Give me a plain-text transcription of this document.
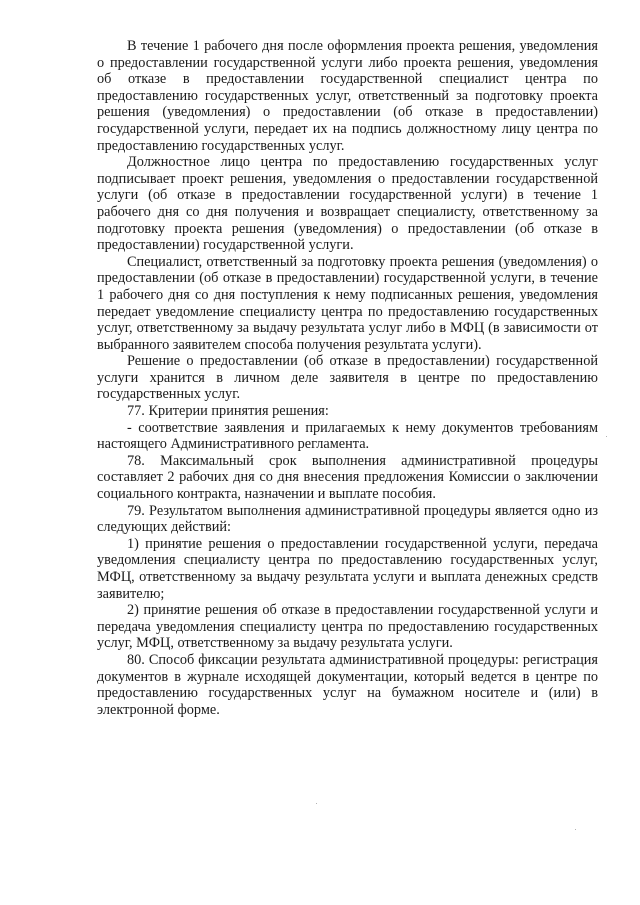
В течение 1 рабочего дня после оформления проекта решения, уведомления о предоставлении государственной услуги либо проекта решения, уведомления об отказе в предоставлении государственной специалист центра по предоставлению государственных услуг, ответственный за подготовку проекта решения (уведомления) о предоставлении (об отказе в предоставлении) государственной услуги, передает их на подпись должностному лицу центра по предоставлению государственных услуг.

Должностное лицо центра по предоставлению государственных услуг подписывает проект решения, уведомления о предоставлении государственной услуги (об отказе в предоставлении государственной услуги) в течение 1 рабочего дня со дня получения и возвращает специалисту, ответственному за подготовку проекта решения (уведомления) о предоставлении (об отказе в предоставлении) государственной услуги.

Специалист, ответственный за подготовку проекта решения (уведомления) о предоставлении (об отказе в предоставлении) государственной услуги, в течение 1 рабочего дня со дня поступления к нему подписанных решения, уведомления передает уведомление специалисту центра по предоставлению государственных услуг, ответственному за выдачу результата услуг либо в МФЦ (в зависимости от выбранного заявителем способа получения результата услуги).

Решение о предоставлении (об отказе в предоставлении) государственной услуги хранится в личном деле заявителя в центре по предоставлению государственных услуг.

77. Критерии принятия решения:

- соответствие заявления и прилагаемых к нему документов требованиям настоящего Административного регламента.

78. Максимальный срок выполнения административной процедуры составляет 2 рабочих дня со дня внесения предложения Комиссии о заключении социального контракта, назначении и выплате пособия.

79. Результатом выполнения административной процедуры является одно из следующих действий:

1) принятие решения о предоставлении государственной услуги, передача уведомления специалисту центра по предоставлению государственных услуг, МФЦ, ответственному за выдачу результата услуги и выплата денежных средств заявителю;

2) принятие решения об отказе в предоставлении государственной услуги и передача уведомления специалисту центра по предоставлению государственных услуг, МФЦ, ответственному за выдачу результата услуги.

80. Способ фиксации результата административной процедуры: регистрация документов в журнале исходящей документации, который ведется в центре по предоставлению государственных услуг на бумажном носителе и (или) в электронной форме.
